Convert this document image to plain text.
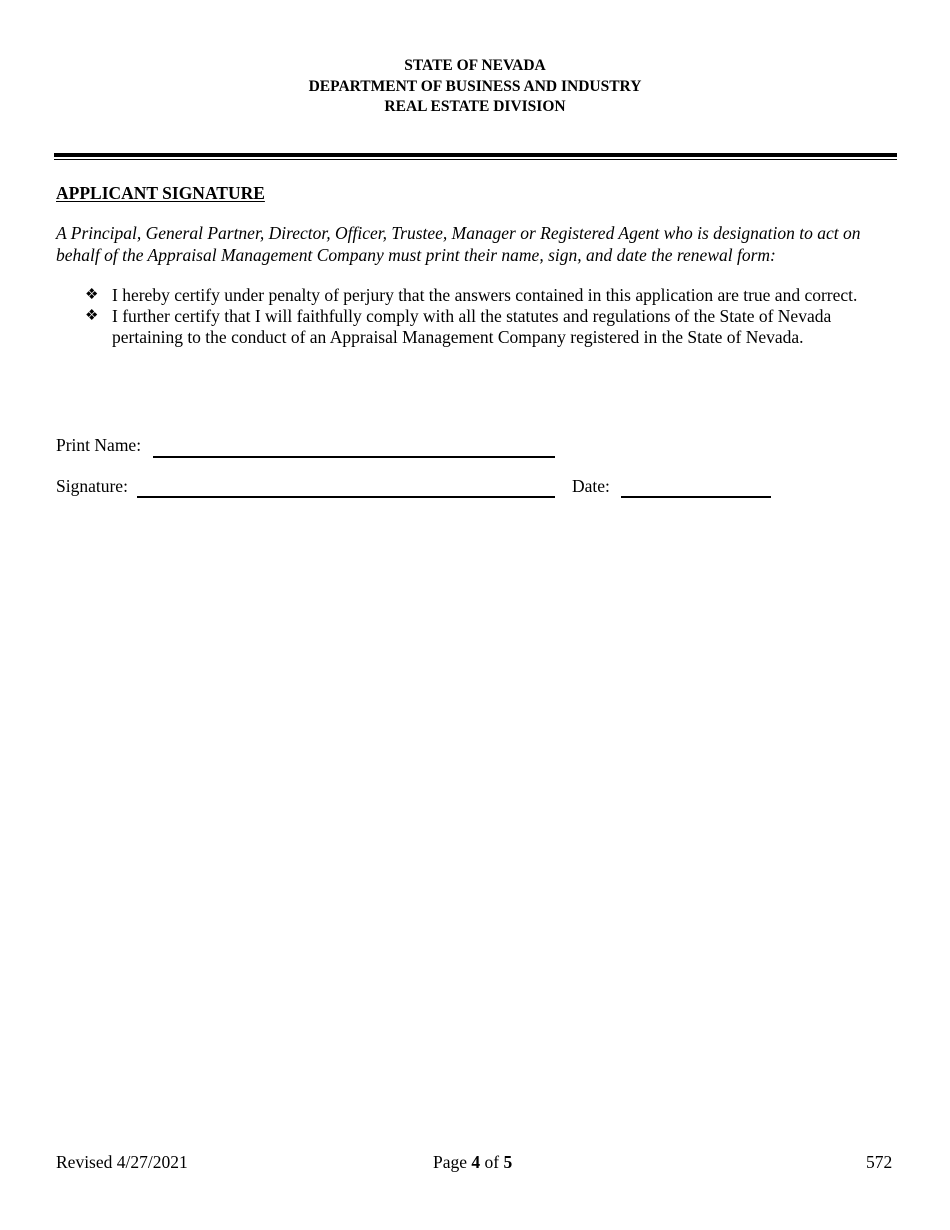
STATE OF NEVADA
DEPARTMENT OF BUSINESS AND INDUSTRY
REAL ESTATE DIVISION
APPLICANT SIGNATURE
A Principal, General Partner, Director, Officer, Trustee, Manager or Registered Agent who is designation to act on behalf of the Appraisal Management Company must print their name, sign, and date the renewal form:
❖ I hereby certify under penalty of perjury that the answers contained in this application are true and correct.
❖ I further certify that I will faithfully comply with all the statutes and regulations of the State of Nevada pertaining to the conduct of an Appraisal Management Company registered in the State of Nevada.
Print Name:
Signature:	Date:
Revised 4/27/2021	Page 4 of 5	572
